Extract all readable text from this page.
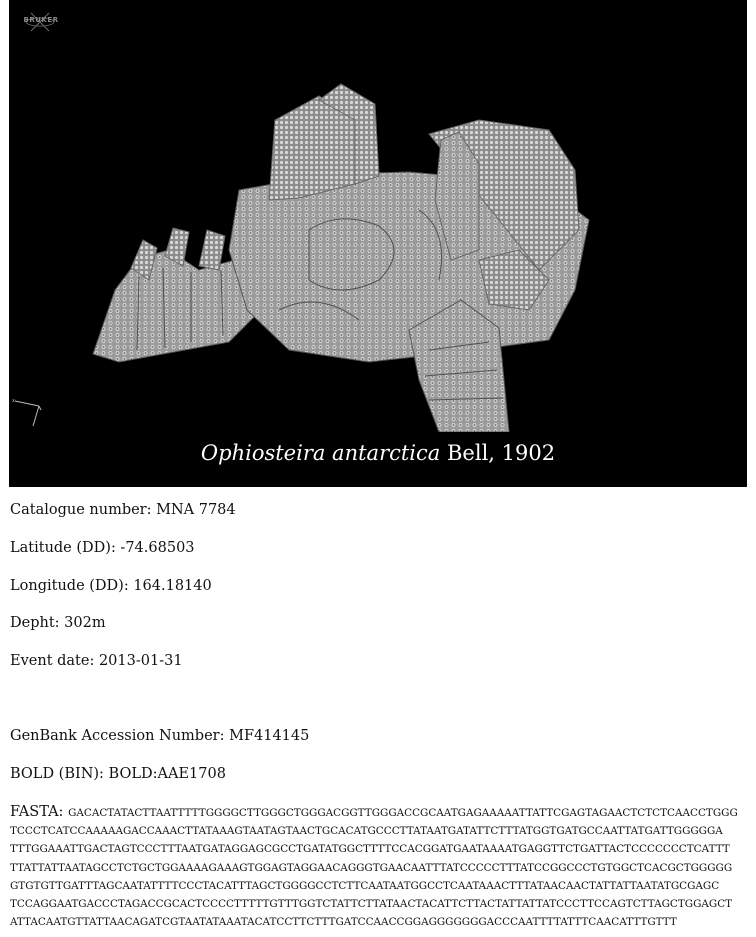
BRUKER
x
Ophiosteira antarctica Bell, 1902
Catalogue number: MNA 7784
Latitude (DD): -74.68503
Longitude (DD): 164.18140
Depht: 302m
Event date: 2013-01-31
GenBank Accession Number: MF414145
BOLD (BIN): BOLD:AAE1708
FASTA: GACACTATACTTAATTTTTGGGGCTTGGGCTGGGACGGTTGGGACCGCAATGAGAAAAATTATTCGAGTAGAACTCTCTCAACCTGGG
TCCCTCATCCAAAAAGACCAAACTTATAAAGTAATAGTAACTGCACATGCCCTTATAATGATATTCTTTATGGTGATGCCAATTATGATTGGGGGA
TTTGGAAATTGACTAGTCCCTTTAATGATAGGAGCGCCTGATATGGCTTTTCCACGGATGAATAAAATGAGGTTCTGATTACTCCCCCCCTCATTT
TTATTATTAATAGCCTCTGCTGGAAAAGAAAGTGGAGTAGGAACAGGGTGAACAATTTATCCCCCTTTATCCGGCCCTGTGGCTCACGCTGGGGG
GTGTGTTGATTTAGCAATATTTTCCCTACATTTAGCTGGGGCCTCTTCAATAATGGCCTCAATAAACTTTATAACAACTATTATTAATATGCGAGC
TCCAGGAATGACCCTAGACCGCACTCCCCTTTTTGTTTGGTCTATTCTTATAACTACATTCTTACTATTATTATCCCTTCCAGTCTTAGCTGGAGCT
ATTACAATGTTATTAACAGATCGTAATATAAATACATCCTTCTTTGATCCAACCGGAGGGGGGGACCCAATTTTATTTCAACATTTGTTT
